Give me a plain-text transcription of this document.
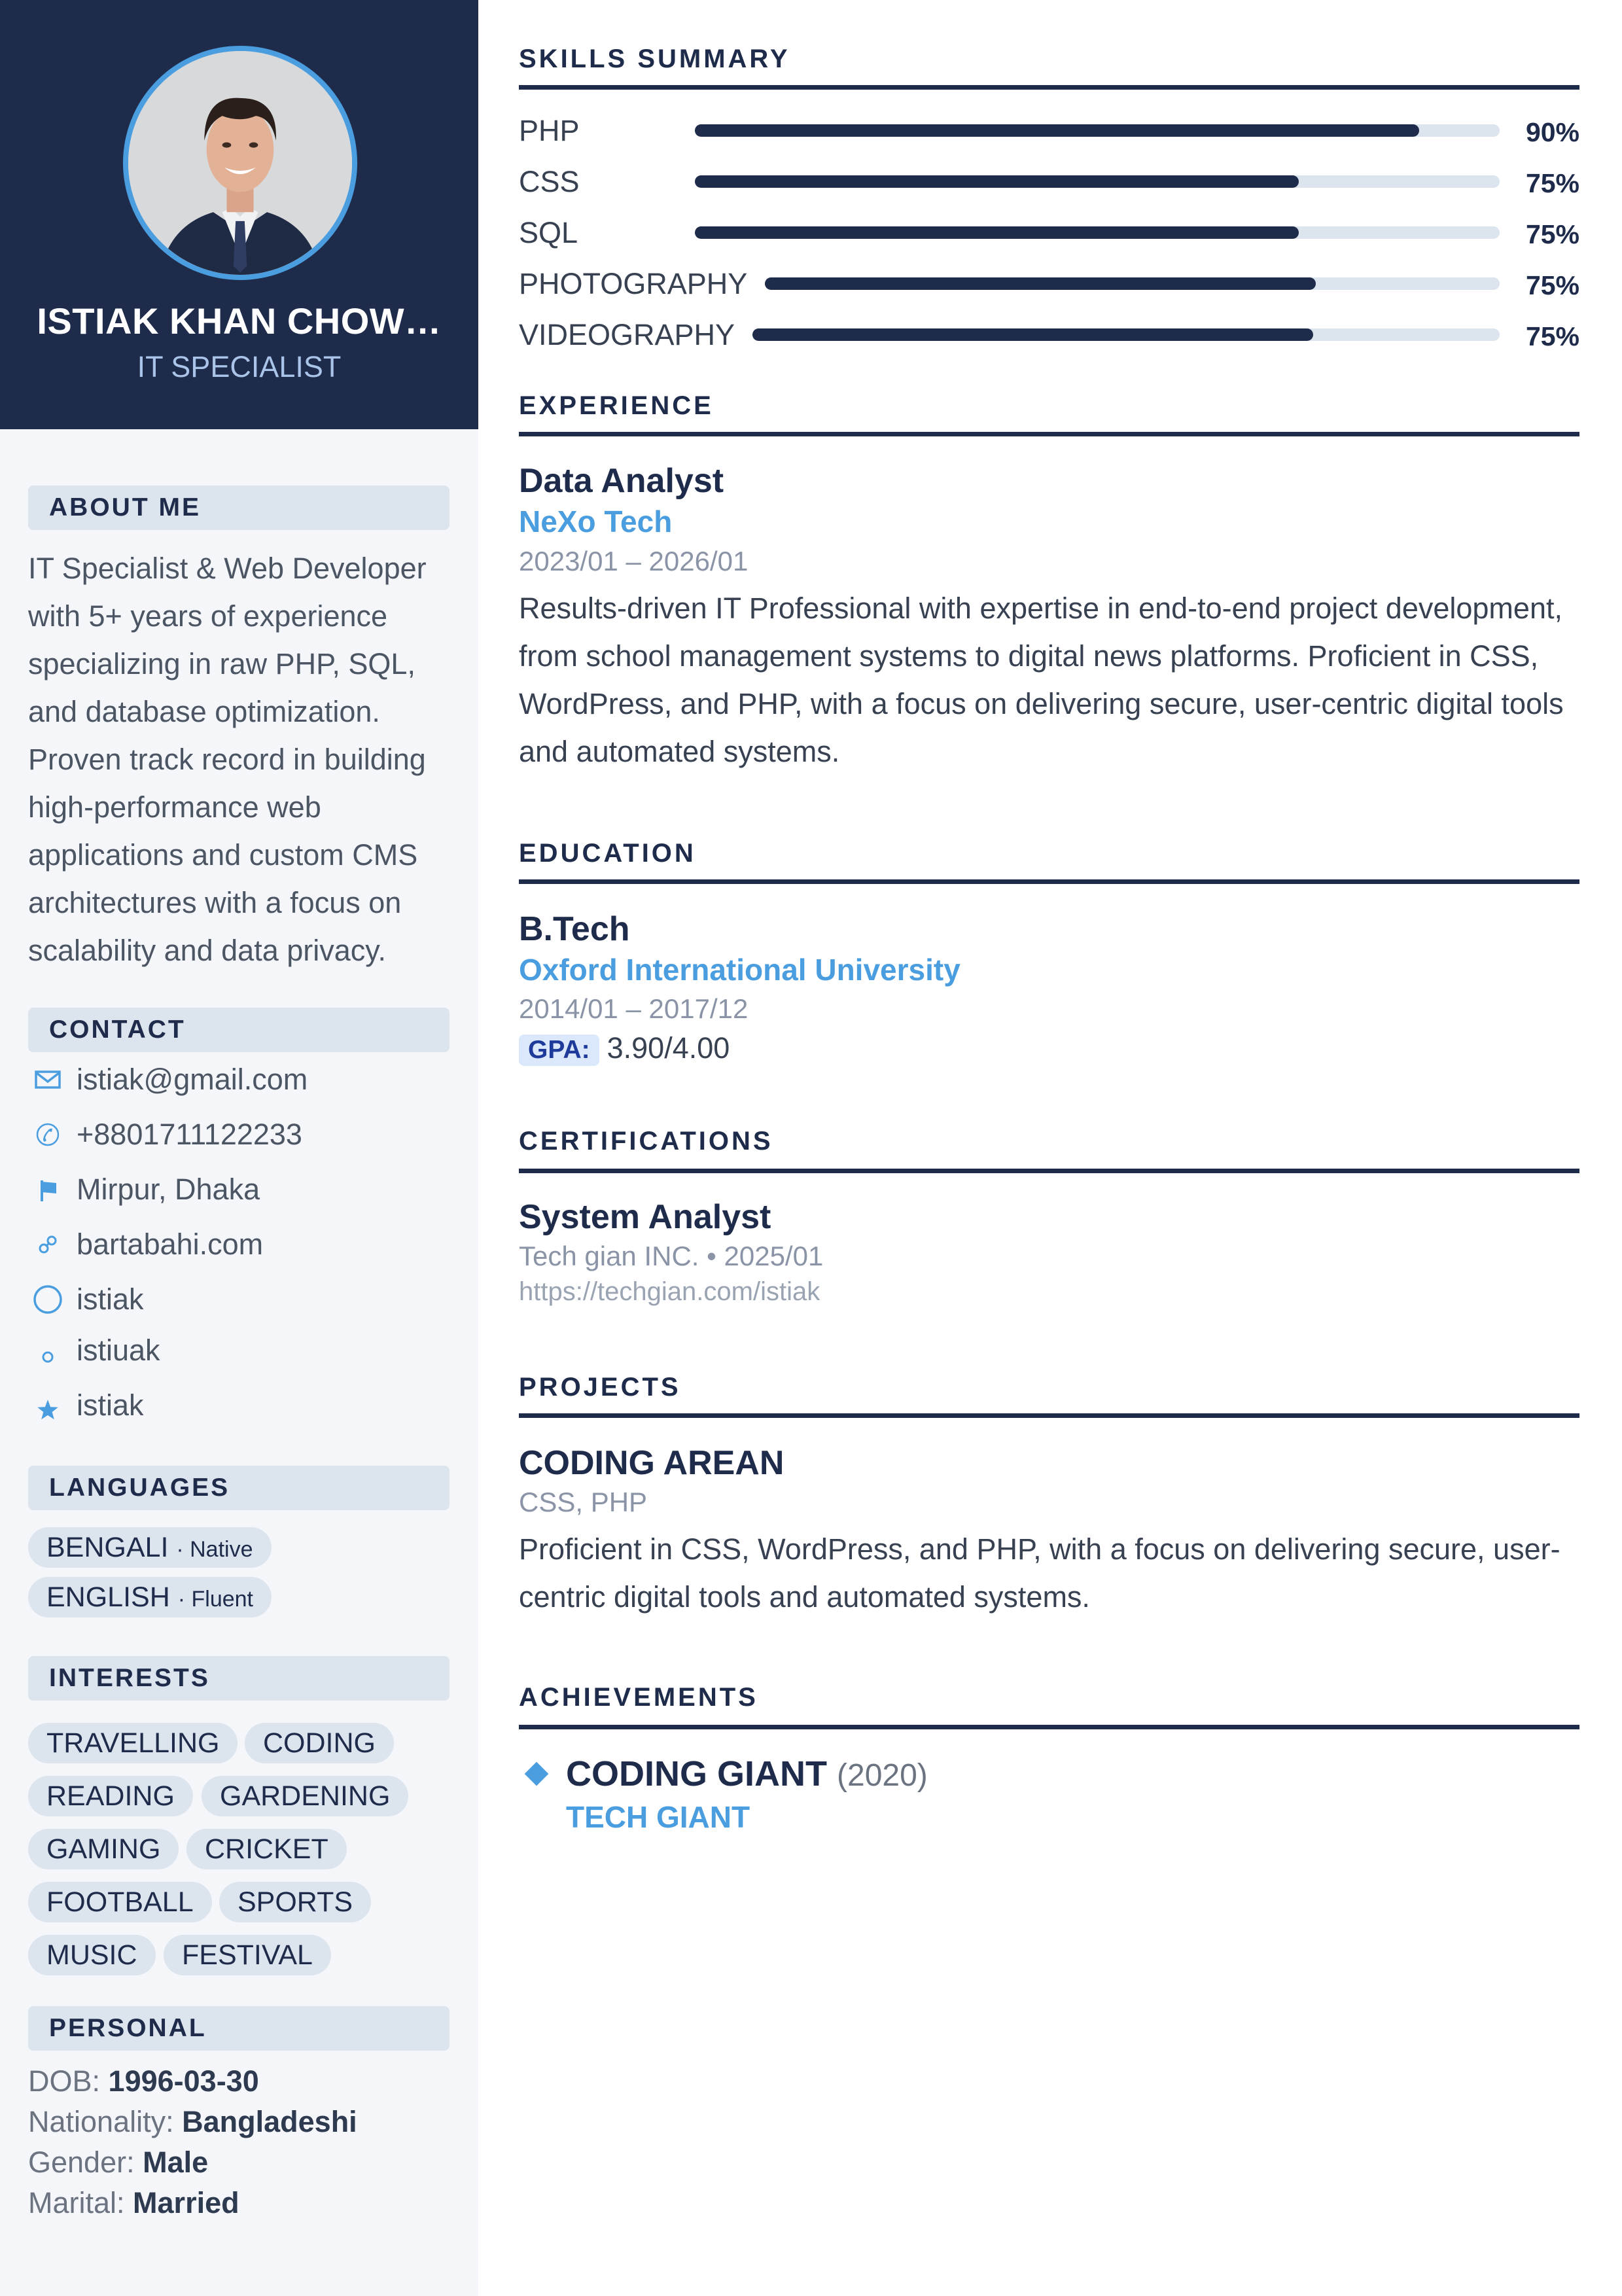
ISTIAK KHAN CHOW…
IT SPECIALIST
ABOUT ME
IT Specialist & Web Developer with 5+ years of experience specializing in raw PHP, SQL, and database optimization. Proven track record in building high-performance web applications and custom CMS architectures with a focus on scalability and data privacy.
CONTACT
istiak@gmail.com
+8801711122233
Mirpur, Dhaka
bartabahi.com
istiak
istiuak
istiak
LANGUAGES
BENGALI · Native
ENGLISH · Fluent
INTERESTS
TRAVELLING	CODING
READING	GARDENING
GAMING	CRICKET
FOOTBALL	SPORTS
MUSIC	FESTIVAL
PERSONAL
DOB: 1996-03-30
Nationality: Bangladeshi
Gender: Male
Marital: Married
SKILLS SUMMARY
PHP	90%
CSS	75%
SQL	75%
PHOTOGRAPHY	75%
VIDEOGRAPHY	75%
EXPERIENCE
Data Analyst
NeXo Tech
2023/01 – 2026/01
Results-driven IT Professional with expertise in end-to-end project development, from school management systems to digital news platforms. Proficient in CSS, WordPress, and PHP, with a focus on delivering secure, user-centric digital tools and automated systems.
EDUCATION
B.Tech
Oxford International University
2014/01 – 2017/12
GPA: 3.90/4.00
CERTIFICATIONS
System Analyst
Tech gian INC. • 2025/01
https://techgian.com/istiak
PROJECTS
CODING AREAN
CSS, PHP
Proficient in CSS, WordPress, and PHP, with a focus on delivering secure, user-centric digital tools and automated systems.
ACHIEVEMENTS
CODING GIANT (2020)
TECH GIANT
